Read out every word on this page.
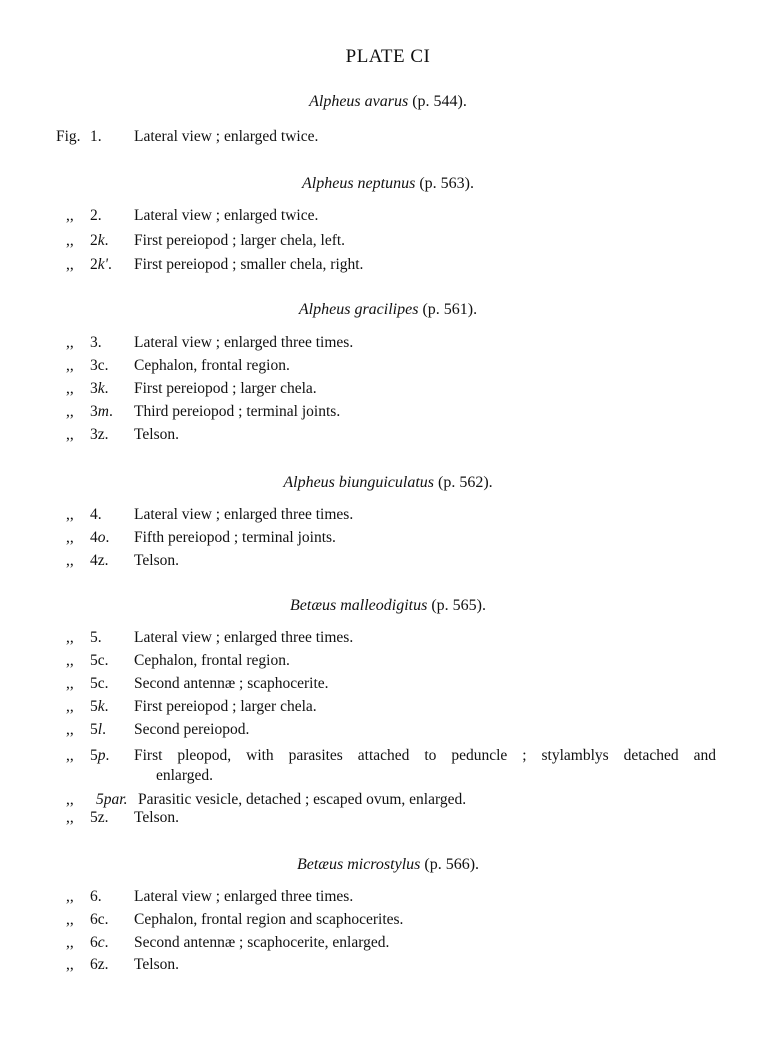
PLATE CI
Alpheus avarus (p. 544).
Fig. 1. Lateral view ; enlarged twice.
Alpheus neptunus (p. 563).
,, 2. Lateral view ; enlarged twice.
,, 2k. First pereiopod ; larger chela, left.
,, 2k'. First pereiopod ; smaller chela, right.
Alpheus gracilipes (p. 561).
,, 3. Lateral view ; enlarged three times.
,, 3c. Cephalon, frontal region.
,, 3k. First pereiopod ; larger chela.
,, 3m. Third pereiopod ; terminal joints.
,, 3z. Telson.
Alpheus biunguiculatus (p. 562).
,, 4. Lateral view ; enlarged three times.
,, 4o. Fifth pereiopod ; terminal joints.
,, 4z. Telson.
Betæus malleodigitus (p. 565).
,, 5. Lateral view ; enlarged three times.
,, 5c. Cephalon, frontal region.
,, 5c. Second antennæ ; scaphocerite.
,, 5k. First pereiopod ; larger chela.
,, 5l. Second pereiopod.
,, 5p. First pleopod, with parasites attached to peduncle ; stylamblys detached and
enlarged.
,, 5par. Parasitic vesicle, detached ; escaped ovum, enlarged.
,, 5z. Telson.
Betæus microstylus (p. 566).
,, 6. Lateral view ; enlarged three times.
,, 6c. Cephalon, frontal region and scaphocerites.
,, 6c. Second antennæ ; scaphocerite, enlarged.
,, 6z. Telson.
